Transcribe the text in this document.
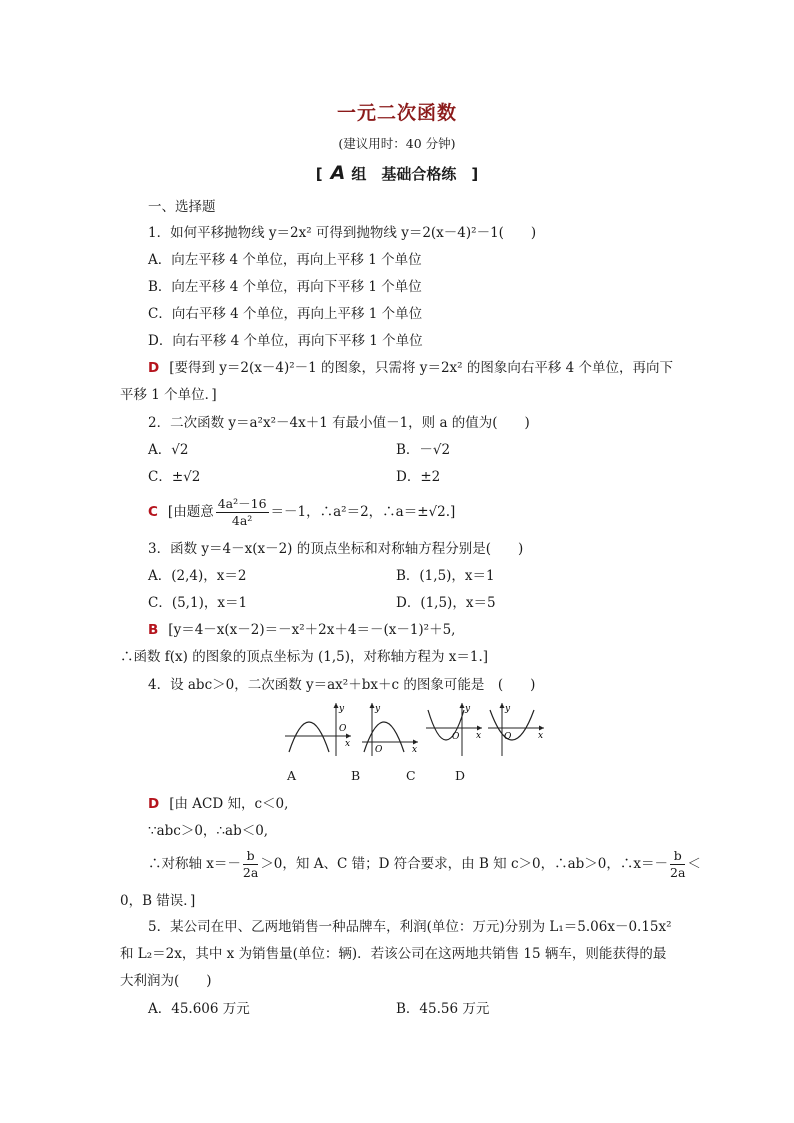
一元二次函数
(建议用时：40 分钟)
[ A 组　基础合格练　 ]
一、选择题
1．如何平移抛物线 y＝2x² 可得到抛物线 y＝2(x－4)²－1(　　)
A．向左平移 4 个单位，再向上平移 1 个单位
B．向左平移 4 个单位，再向下平移 1 个单位
C．向右平移 4 个单位，再向上平移 1 个单位
D．向右平移 4 个单位，再向下平移 1 个单位
D [要得到 y＝2(x－4)²－1 的图象，只需将 y＝2x² 的图象向右平移 4 个单位，再向下
平移 1 个单位．]
2．二次函数 y＝a²x²－4x＋1 有最小值－1，则 a 的值为(　　)
A．√2	B．－√2
C．±√2	D．±2
C [由题意 $\frac{\text{4a²－16}}{\text{4a²}} =-1$，∴a²＝2，∴a＝±√2.]
3．函数 y＝4－x(x－2) 的顶点坐标和对称轴方程分别是(　　)
A．(2,4)，x＝2	B．(1,5)，x＝1
C．(5,1)，x＝1	D．(1,5)，x＝5
B [y＝4－x(x－2)＝－x²＋2x＋4＝－(x－1)²＋5,
∴函数 f(x) 的图象的顶点坐标为 (1,5)，对称轴方程为 x＝1.]
4．设 abc＞0，二次函数 y＝ax²＋bx＋c 的图象可能是　(　　)
y
x
O
y
x
O
y
x
O
y
x
O
A	B	C	D
D [由 ACD 知，c＜0,
∵abc＞0，∴ab＜0,
∴对称轴 $x=- \frac{b}{2a} >0$，知 A、C 错；D 符合要求，由 B 知 c＞0，∴ab＞0，∴x＝－ $\frac{b}{2a}$ ＜
0，B 错误．]
5．某公司在甲、乙两地销售一种品牌车，利润(单位：万元)分别为 L₁＝5.06x－0.15x²
和 L₂＝2x，其中 x 为销售量(单位：辆)．若该公司在这两地共销售 15 辆车，则能获得的最
大利润为(　　)
A．45.606 万元	B．45.56 万元
